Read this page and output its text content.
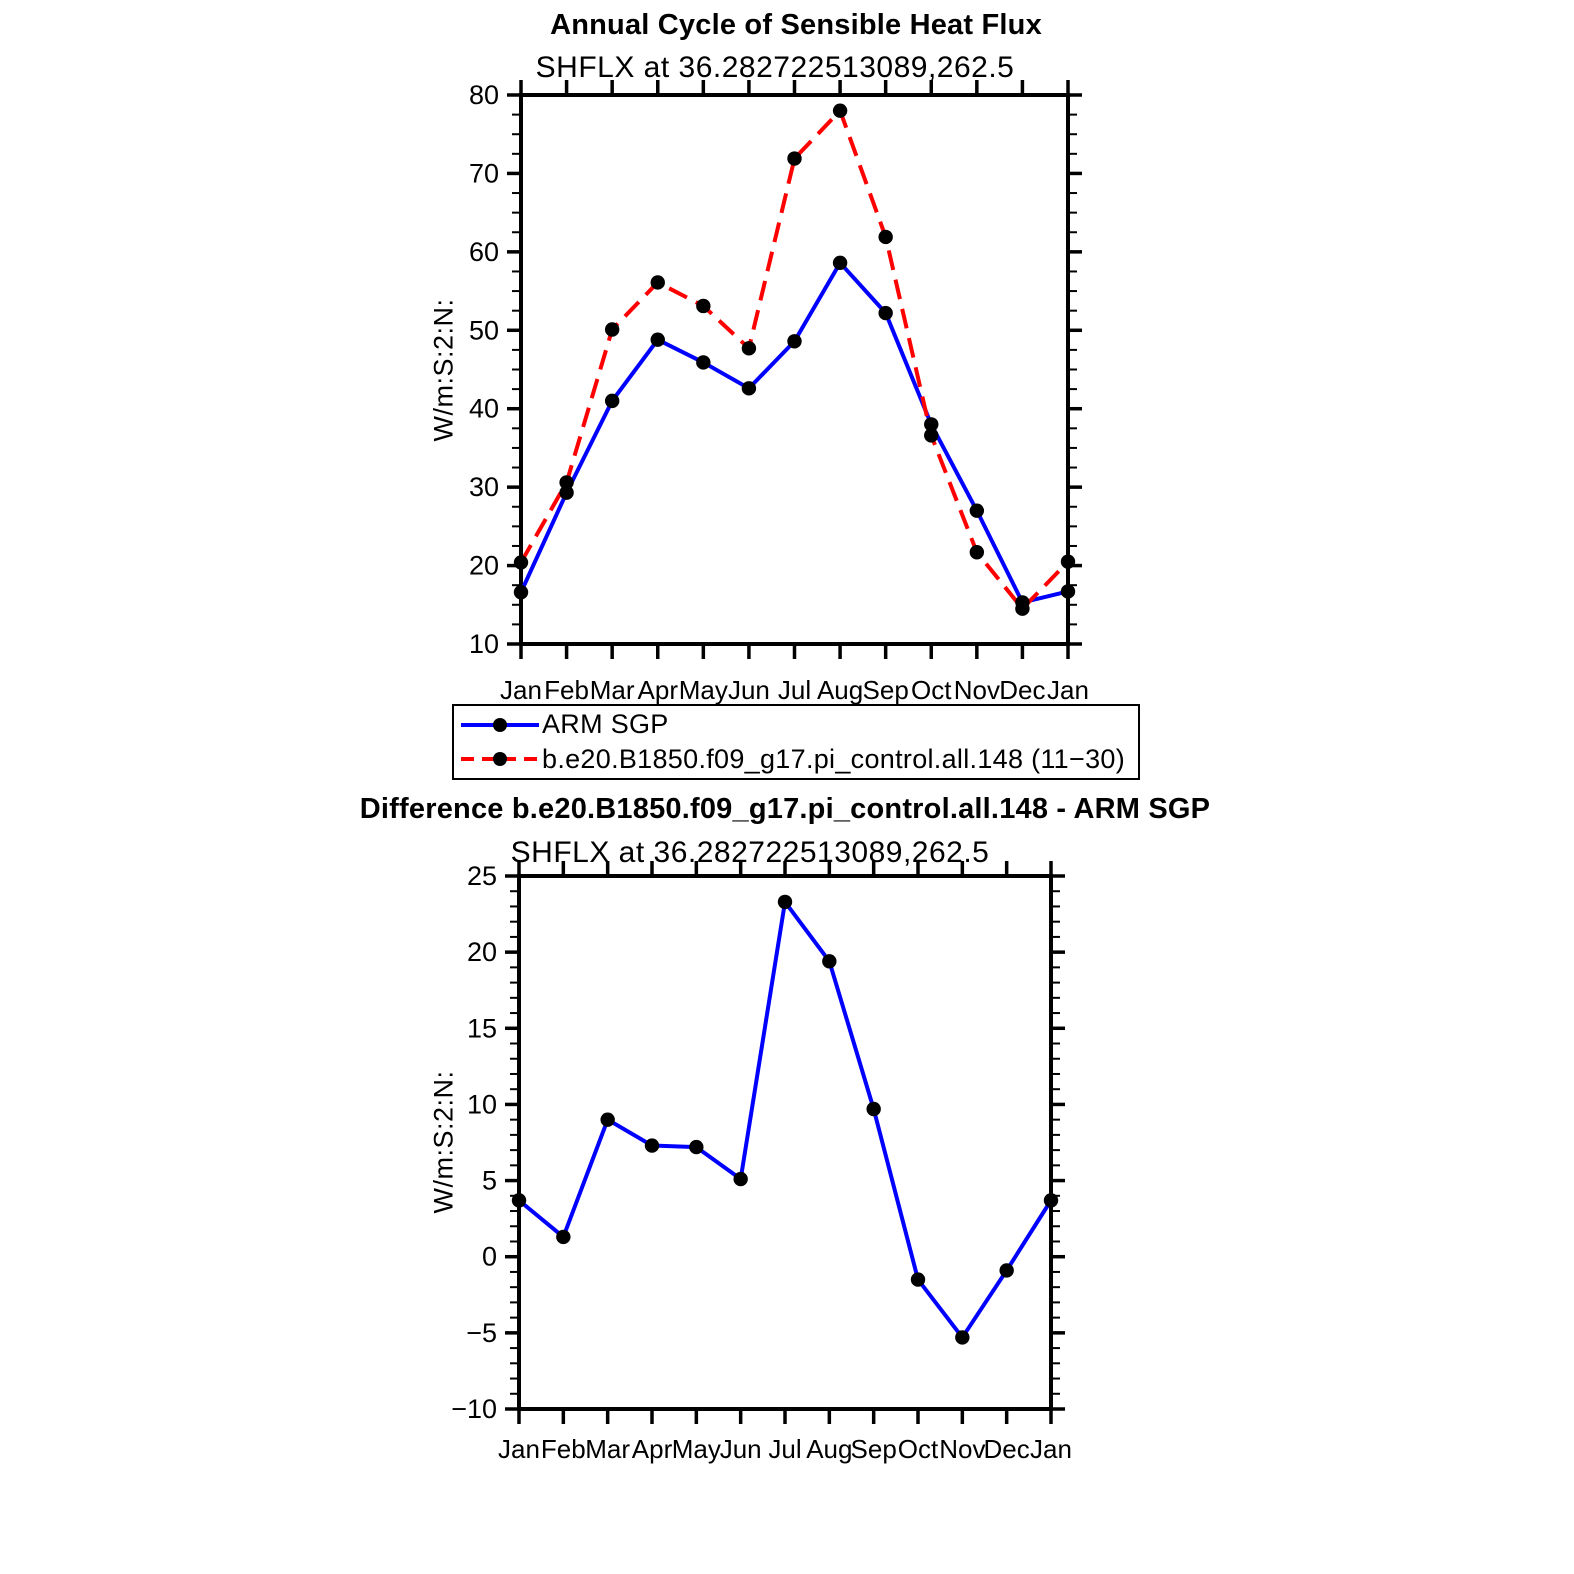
10
20
30
40
50
60
70
80
Jan Feb Mar Apr May Jun Jul Aug Sep Oct Nov Dec Jan
−10
−5
0
5
10
15
20
25
Jan Feb Mar Apr May
Jun Jul Aug
Sep Oct Nov
Dec Jan
Annual Cycle of Sensible Heat Flux
SHFLX at 36.282722513089,262.5
W/m:S:2:N:
ARM SGP
b.e20.B1850.f09_g17.pi_control.all.148 (11−30)
Difference b.e20.B1850.f09_g17.pi_control.all.148 - ARM SGP
SHFLX at 36.282722513089,262.5
W/m:S:2:N:
